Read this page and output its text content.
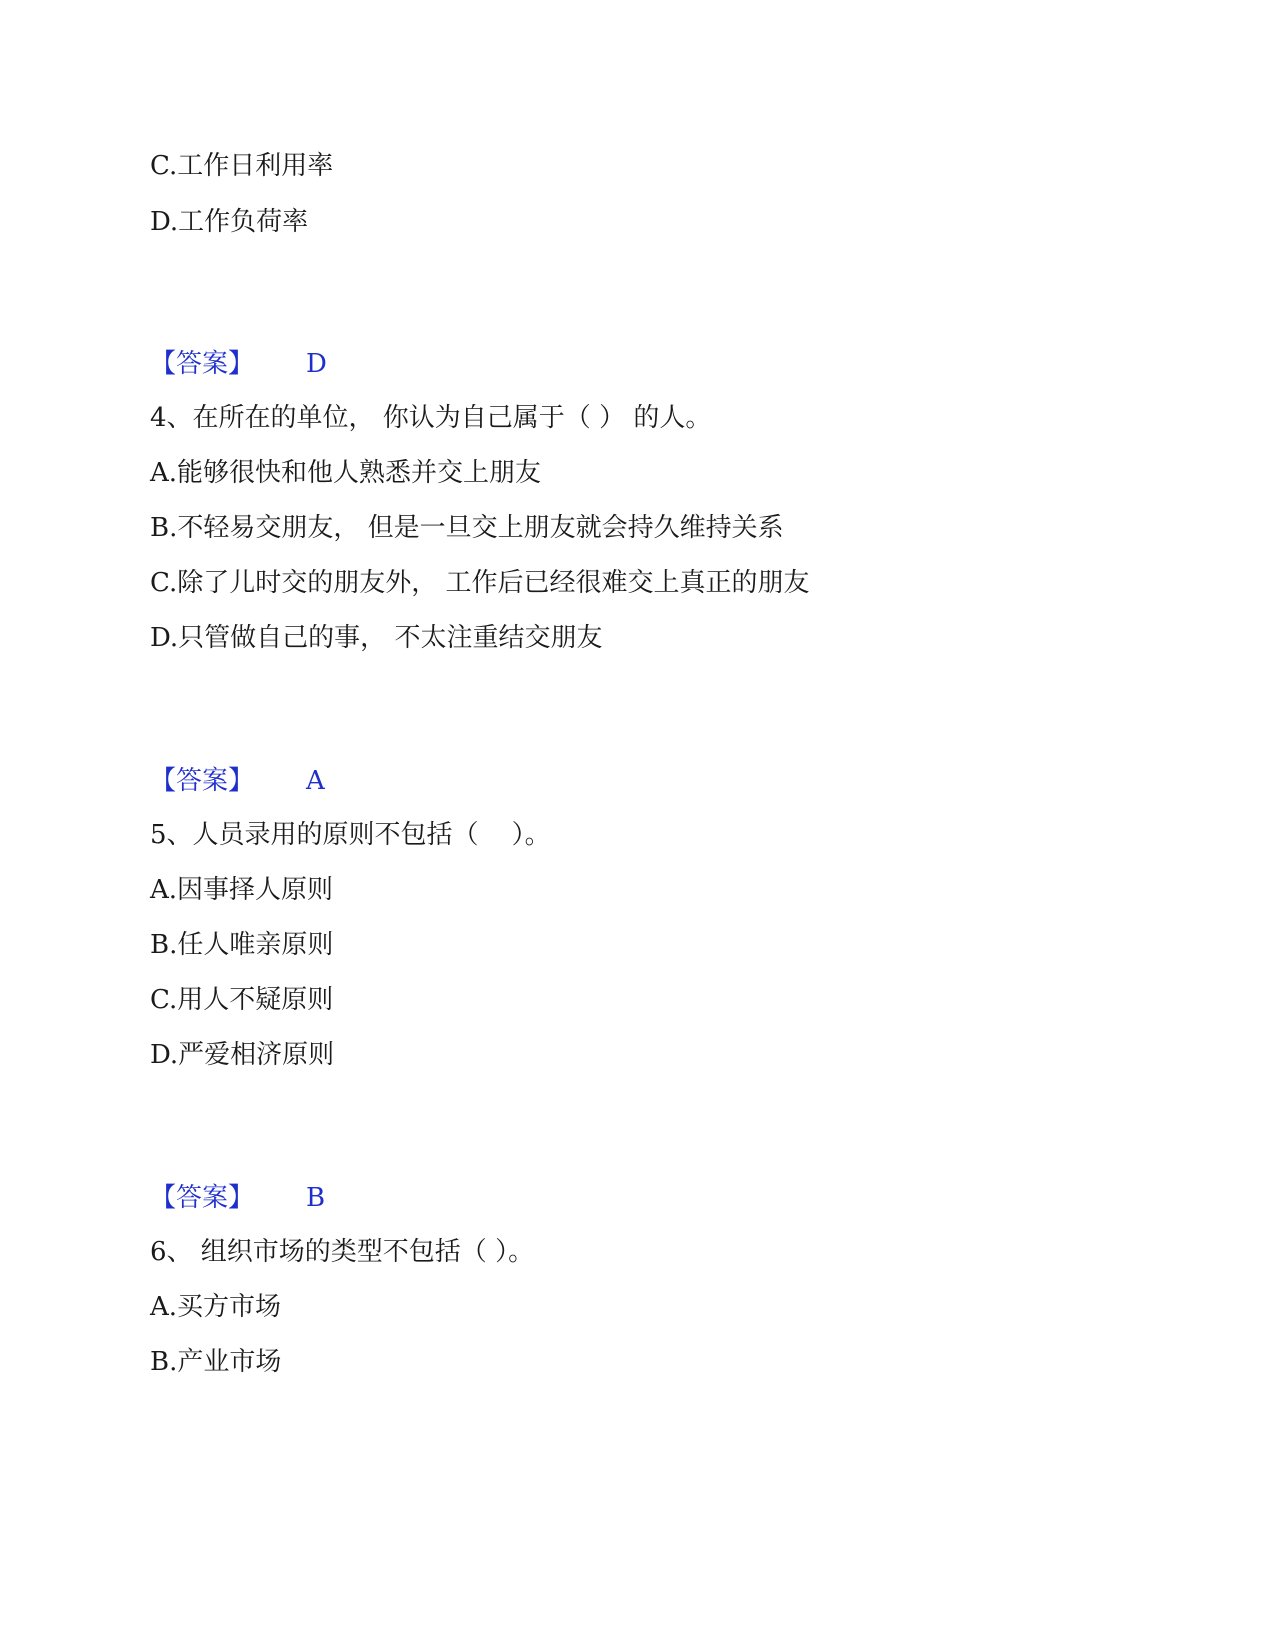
C.工作日利用率
D.工作负荷率
【答案】 D
4、在所在的单位， 你认为自己属于（ ） 的人。
A.能够很快和他人熟悉并交上朋友
B.不轻易交朋友， 但是一旦交上朋友就会持久维持关系
C.除了儿时交的朋友外， 工作后已经很难交上真正的朋友
D.只管做自己的事， 不太注重结交朋友
【答案】 A
5、人员录用的原则不包括（    ）。
A.因事择人原则
B.任人唯亲原则
C.用人不疑原则
D.严爱相济原则
【答案】 B
6、 组织市场的类型不包括（ ）。
A.买方市场
B.产业市场
